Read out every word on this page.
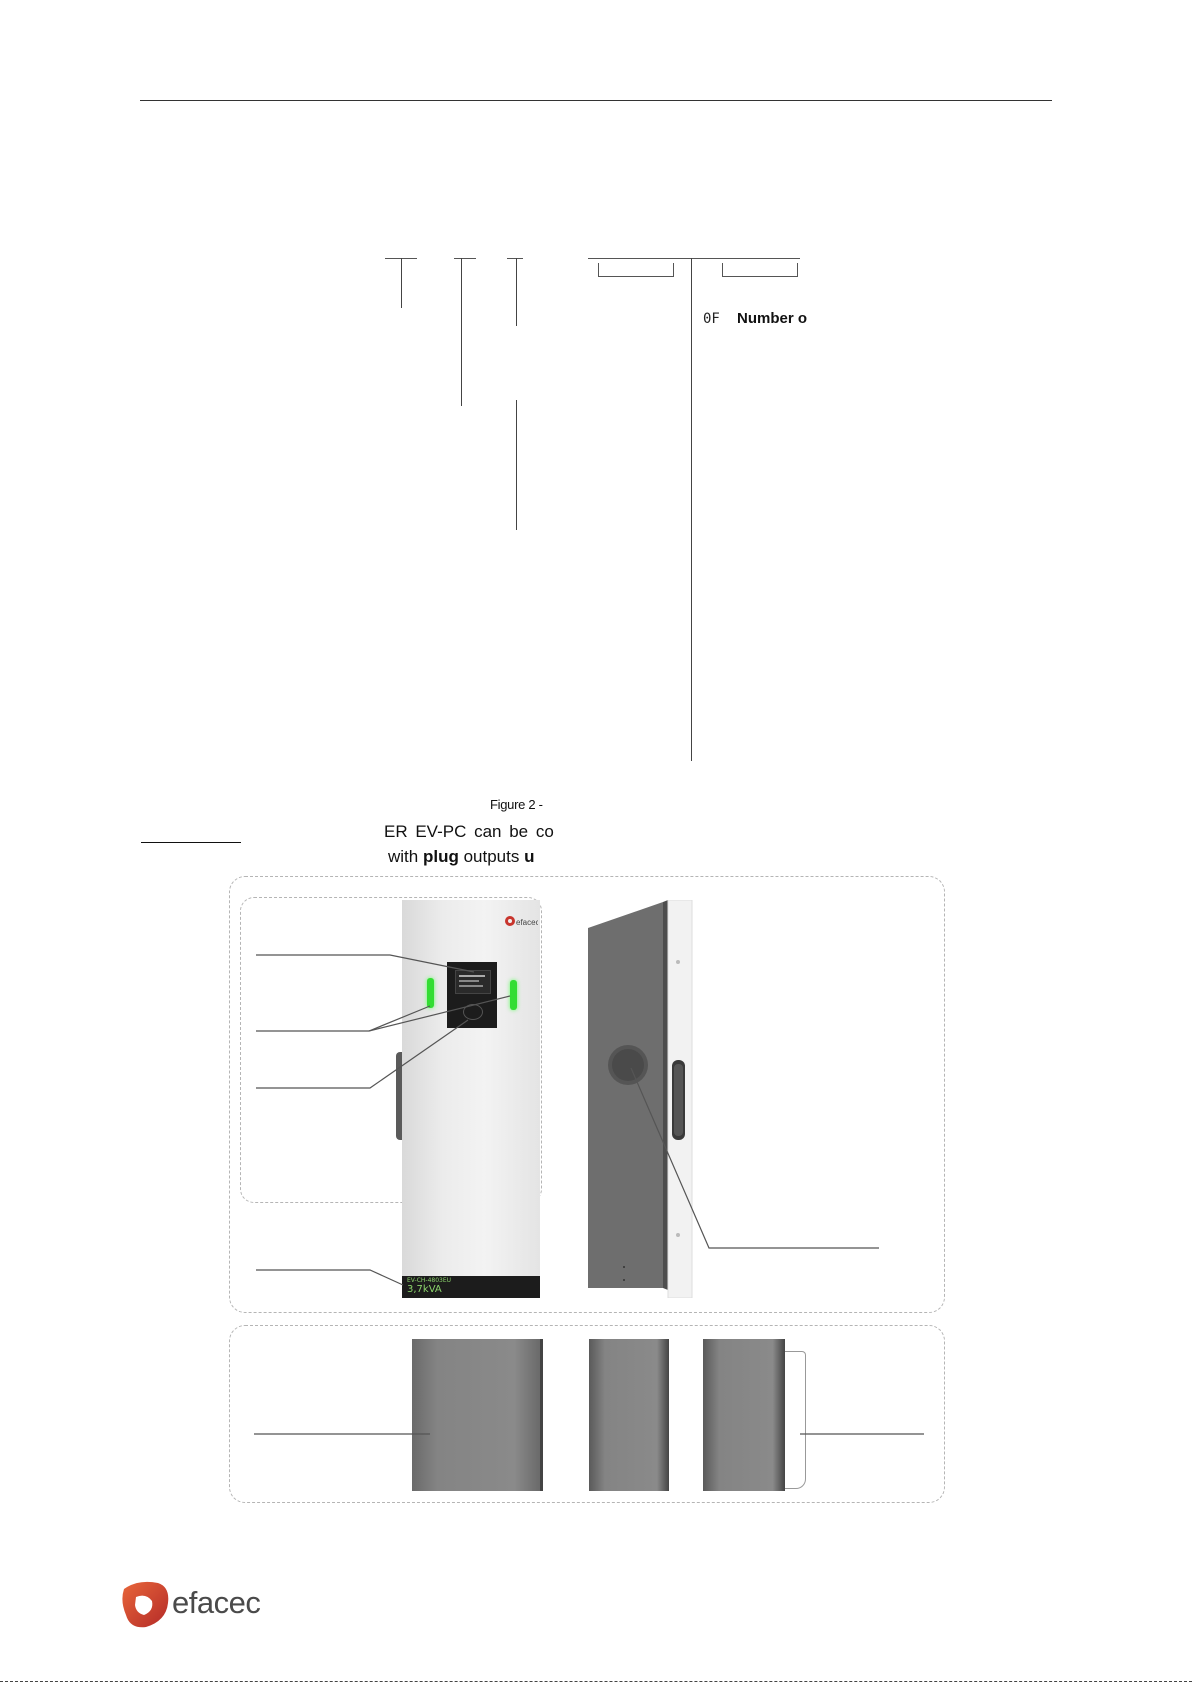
0F Number o
Figure 2 -
ER EV-PC can be co
with plug outputs u
efacec
EV-CH-4803EU
3,7kVA
efacec
